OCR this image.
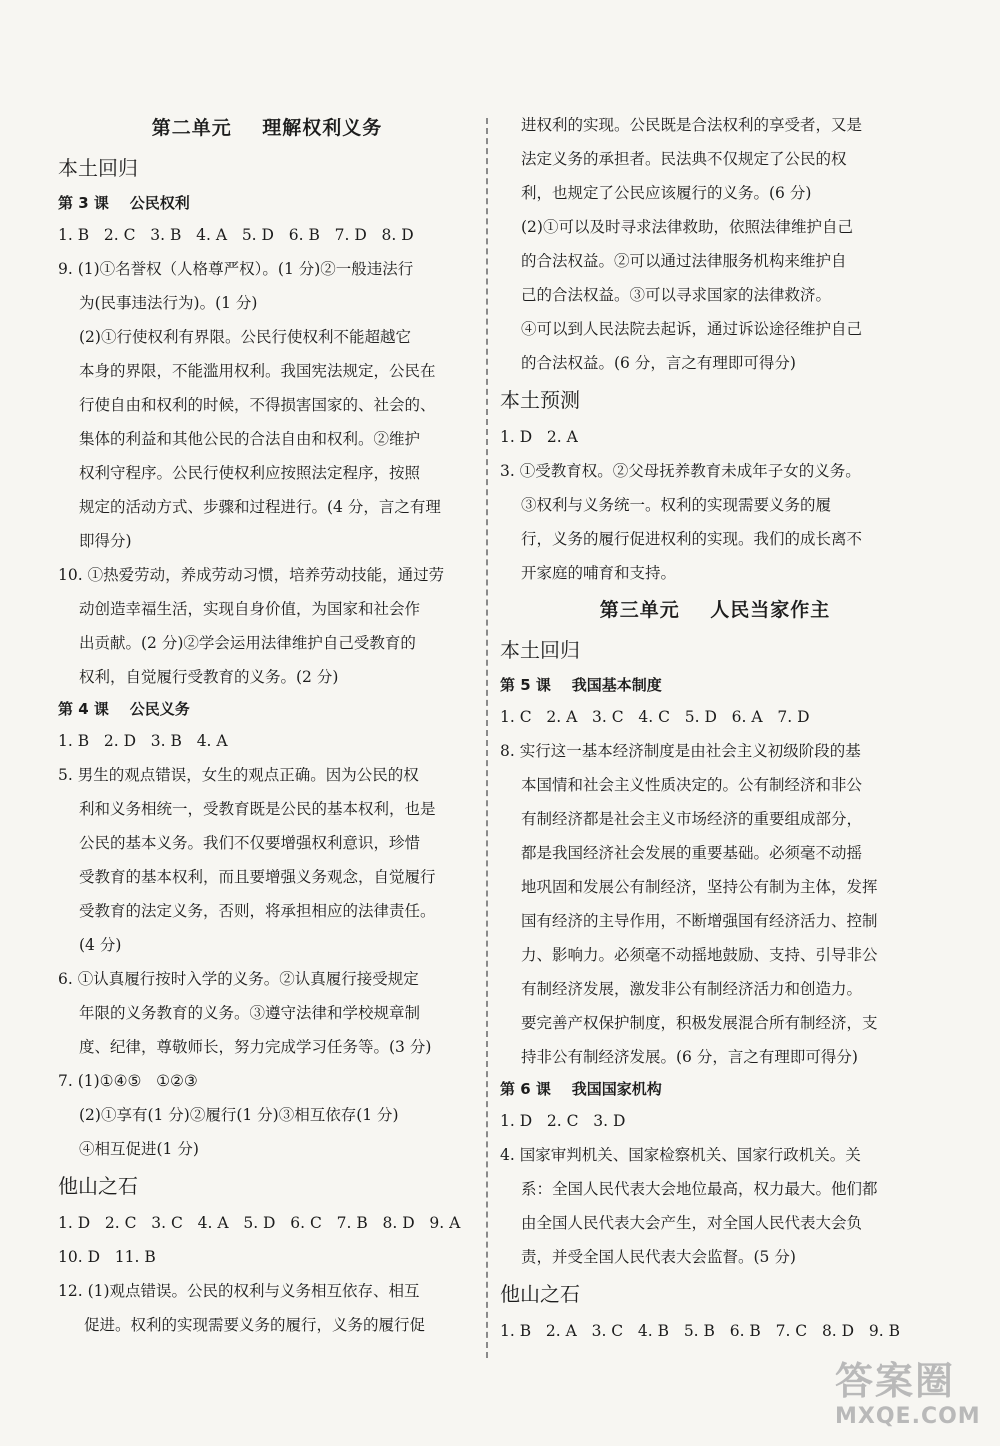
第二单元    理解权利义务
本土回归
第 3 课    公民权利
1. B   2. C   3. B   4. A   5. D   6. B   7. D   8. D
9. (1)①名誉权（人格尊严权）。(1 分)②一般违法行
为(民事违法行为)。(1 分)
(2)①行使权利有界限。公民行使权利不能超越它
本身的界限，不能滥用权利。我国宪法规定，公民在
行使自由和权利的时候，不得损害国家的、社会的、
集体的利益和其他公民的合法自由和权利。②维护
权利守程序。公民行使权利应按照法定程序，按照
规定的活动方式、步骤和过程进行。(4 分，言之有理
即得分)
10. ①热爱劳动，养成劳动习惯，培养劳动技能，通过劳
动创造幸福生活，实现自身价值，为国家和社会作
出贡献。(2 分)②学会运用法律维护自己受教育的
权利，自觉履行受教育的义务。(2 分)
第 4 课    公民义务
1. B   2. D   3. B   4. A
5. 男生的观点错误，女生的观点正确。因为公民的权
利和义务相统一，受教育既是公民的基本权利，也是
公民的基本义务。我们不仅要增强权利意识，珍惜
受教育的基本权利，而且要增强义务观念，自觉履行
受教育的法定义务，否则，将承担相应的法律责任。
(4 分)
6. ①认真履行按时入学的义务。②认真履行接受规定
年限的义务教育的义务。③遵守法律和学校规章制
度、纪律，尊敬师长，努力完成学习任务等。(3 分)
7. (1)①④⑤   ①②③
(2)①享有(1 分)②履行(1 分)③相互依存(1 分)
④相互促进(1 分)
他山之石
1. D   2. C   3. C   4. A   5. D   6. C   7. B   8. D   9. A
10. D   11. B
12. (1)观点错误。公民的权利与义务相互依存、相互
促进。权利的实现需要义务的履行，义务的履行促
进权利的实现。公民既是合法权利的享受者，又是
法定义务的承担者。民法典不仅规定了公民的权
利，也规定了公民应该履行的义务。(6 分)
(2)①可以及时寻求法律救助，依照法律维护自己
的合法权益。②可以通过法律服务机构来维护自
己的合法权益。③可以寻求国家的法律救济。
④可以到人民法院去起诉，通过诉讼途径维护自己
的合法权益。(6 分，言之有理即可得分)
本土预测
1. D   2. A
3. ①受教育权。②父母抚养教育未成年子女的义务。
③权利与义务统一。权利的实现需要义务的履
行，义务的履行促进权利的实现。我们的成长离不
开家庭的哺育和支持。
第三单元    人民当家作主
本土回归
第 5 课    我国基本制度
1. C   2. A   3. C   4. C   5. D   6. A   7. D
8. 实行这一基本经济制度是由社会主义初级阶段的基
本国情和社会主义性质决定的。公有制经济和非公
有制经济都是社会主义市场经济的重要组成部分，
都是我国经济社会发展的重要基础。必须毫不动摇
地巩固和发展公有制经济，坚持公有制为主体，发挥
国有经济的主导作用，不断增强国有经济活力、控制
力、影响力。必须毫不动摇地鼓励、支持、引导非公
有制经济发展，激发非公有制经济活力和创造力。
要完善产权保护制度，积极发展混合所有制经济，支
持非公有制经济发展。(6 分，言之有理即可得分)
第 6 课    我国国家机构
1. D   2. C   3. D
4. 国家审判机关、国家检察机关、国家行政机关。关
系：全国人民代表大会地位最高，权力最大。他们都
由全国人民代表大会产生，对全国人民代表大会负
责，并受全国人民代表大会监督。(5 分)
他山之石
1. B   2. A   3. C   4. B   5. B   6. B   7. C   8. D   9. B
答案圈
MXQE.COM
